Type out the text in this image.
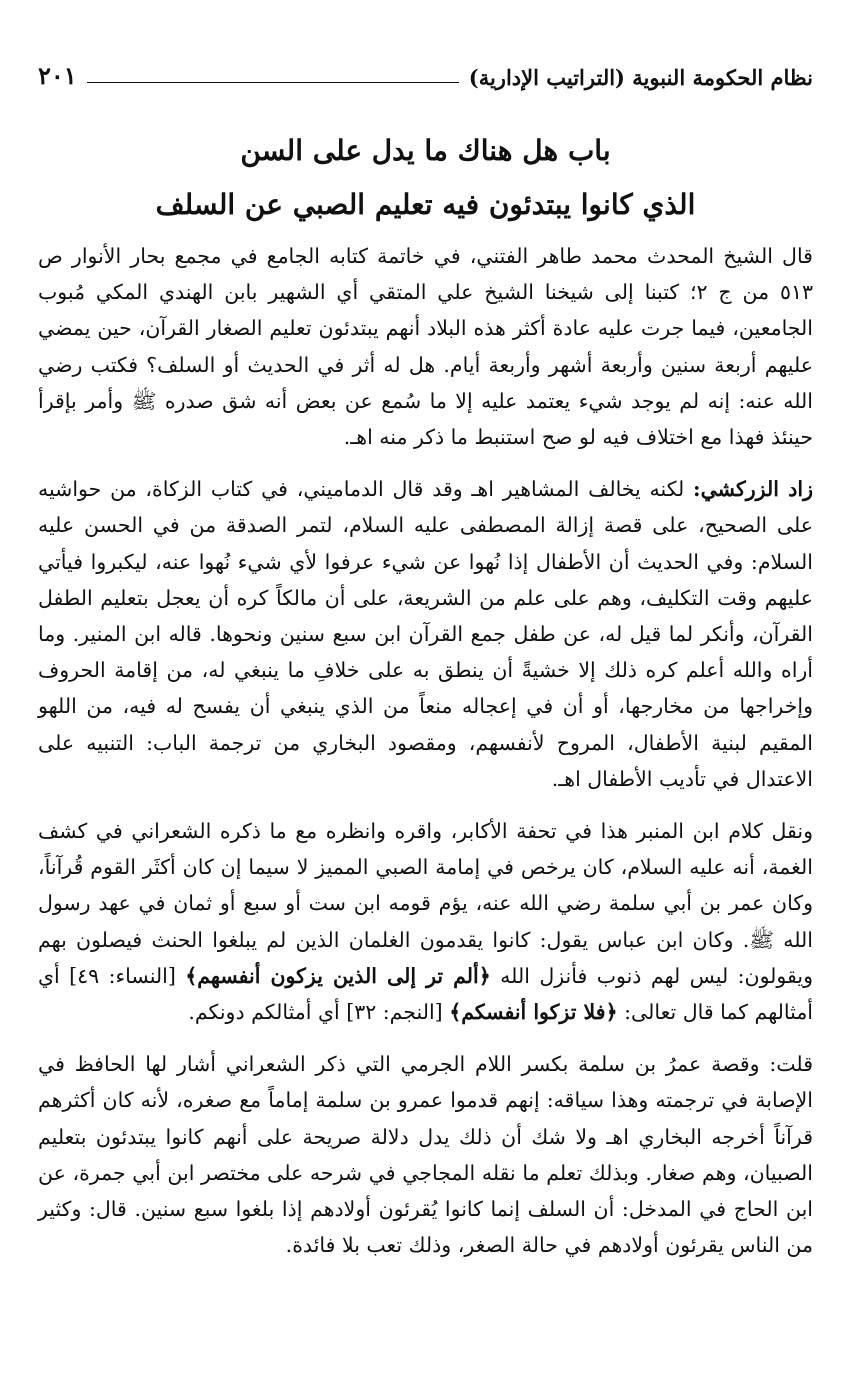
نظام الحكومة النبوية (التراتيب الإدارية)
٢٠١
باب هل هناك ما يدل على السن
الذي كانوا يبتدئون فيه تعليم الصبي عن السلف

قال الشيخ المحدث محمد طاهر الفتني، في خاتمة كتابه الجامع في مجمع بحار الأنوار ص ٥١٣ من ج ٢؛ كتبنا إلى شيخنا الشيخ علي المتقي أي الشهير بابن الهندي المكي مُبوب الجامعين، فيما جرت عليه عادة أكثر هذه البلاد أنهم يبتدئون تعليم الصغار القرآن، حين يمضي عليهم أربعة سنين وأربعة أشهر وأربعة أيام. هل له أثر في الحديث أو السلف؟ فكتب رضي الله عنه: إنه لم يوجد شيء يعتمد عليه إلا ما سُمع عن بعض أنه شق صدره ﷺ وأمر بإقرأ حينئذ فهذا مع اختلاف فيه لو صح استنبط ما ذكر منه اهـ.

زاد الزركشي: لكنه يخالف المشاهير اهـ وقد قال الدماميني، في كتاب الزكاة، من حواشيه على الصحيح، على قصة إزالة المصطفى عليه السلام، لتمر الصدقة من في الحسن عليه السلام: وفي الحديث أن الأطفال إذا نُهوا عن شيء عرفوا لأي شيء نُهوا عنه، ليكبروا فيأتي عليهم وقت التكليف، وهم على علم من الشريعة، على أن مالكاً كره أن يعجل بتعليم الطفل القرآن، وأنكر لما قيل له، عن طفل جمع القرآن ابن سبع سنين ونحوها. قاله ابن المنير. وما أراه والله أعلم كره ذلك إلا خشيةً أن ينطق به على خلافِ ما ينبغي له، من إقامة الحروف وإخراجها من مخارجها، أو أن في إعجاله منعاً من الذي ينبغي أن يفسح له فيه، من اللهو المقيم لبنية الأطفال، المروح لأنفسهم، ومقصود البخاري من ترجمة الباب: التنبيه على الاعتدال في تأديب الأطفال اهـ.

ونقل كلام ابن المنبر هذا في تحفة الأكابر، واقره وانظره مع ما ذكره الشعراني في كشف الغمة، أنه عليه السلام، كان يرخص في إمامة الصبي المميز لا سيما إن كان أكثَر القوم قُرآناً، وكان عمر بن أبي سلمة رضي الله عنه، يؤم قومه ابن ست أو سبع أو ثمان في عهد رسول الله ﷺ. وكان ابن عباس يقول: كانوا يقدمون الغلمان الذين لم يبلغوا الحنث فيصلون بهم ويقولون: ليس لهم ذنوب فأنزل الله ﴿ألم تر إلى الذين يزكون أنفسهم﴾ [النساء: ٤٩] أي أمثالهم كما قال تعالى: ﴿فلا تزكوا أنفسكم﴾ [النجم: ٣٢] أي أمثالكم دونكم.

قلت: وقصة عمرُ بن سلمة بكسر اللام الجرمي التي ذكر الشعراني أشار لها الحافظ في الإصابة في ترجمته وهذا سياقه: إنهم قدموا عمرو بن سلمة إماماً مع صغره، لأنه كان أكثرهم قرآناً أخرجه البخاري اهـ ولا شك أن ذلك يدل دلالة صريحة على أنهم كانوا يبتدئون بتعليم الصبيان، وهم صغار. وبذلك تعلم ما نقله المجاجي في شرحه على مختصر ابن أبي جمرة، عن ابن الحاج في المدخل: أن السلف إنما كانوا يُقرئون أولادهم إذا بلغوا سبع سنين. قال: وكثير من الناس يقرئون أولادهم في حالة الصغر، وذلك تعب بلا فائدة.
